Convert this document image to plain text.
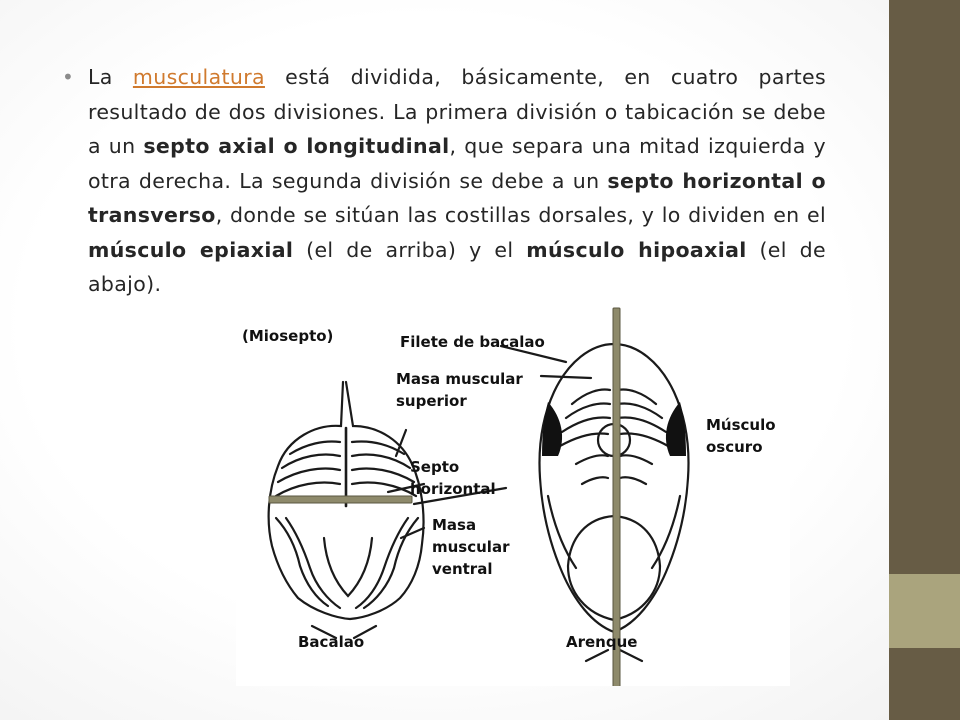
• La musculatura está dividida, básicamente, en cuatro partes resultado de dos divisiones. La primera división o tabicación se debe a un septo axial o longitudinal, que separa una mitad izquierda y otra derecha. La segunda división se debe a un septo horizontal o transverso, donde se sitúan las costillas dorsales, y lo dividen en el músculo epiaxial (el de arriba) y el músculo hipoaxial (el de abajo).
(Miosepto)	Filete de bacalao
Masa muscular
superior
Septo
horizontal
Masa
muscular
ventral
Músculo
oscuro
Bacalao	Arenque
